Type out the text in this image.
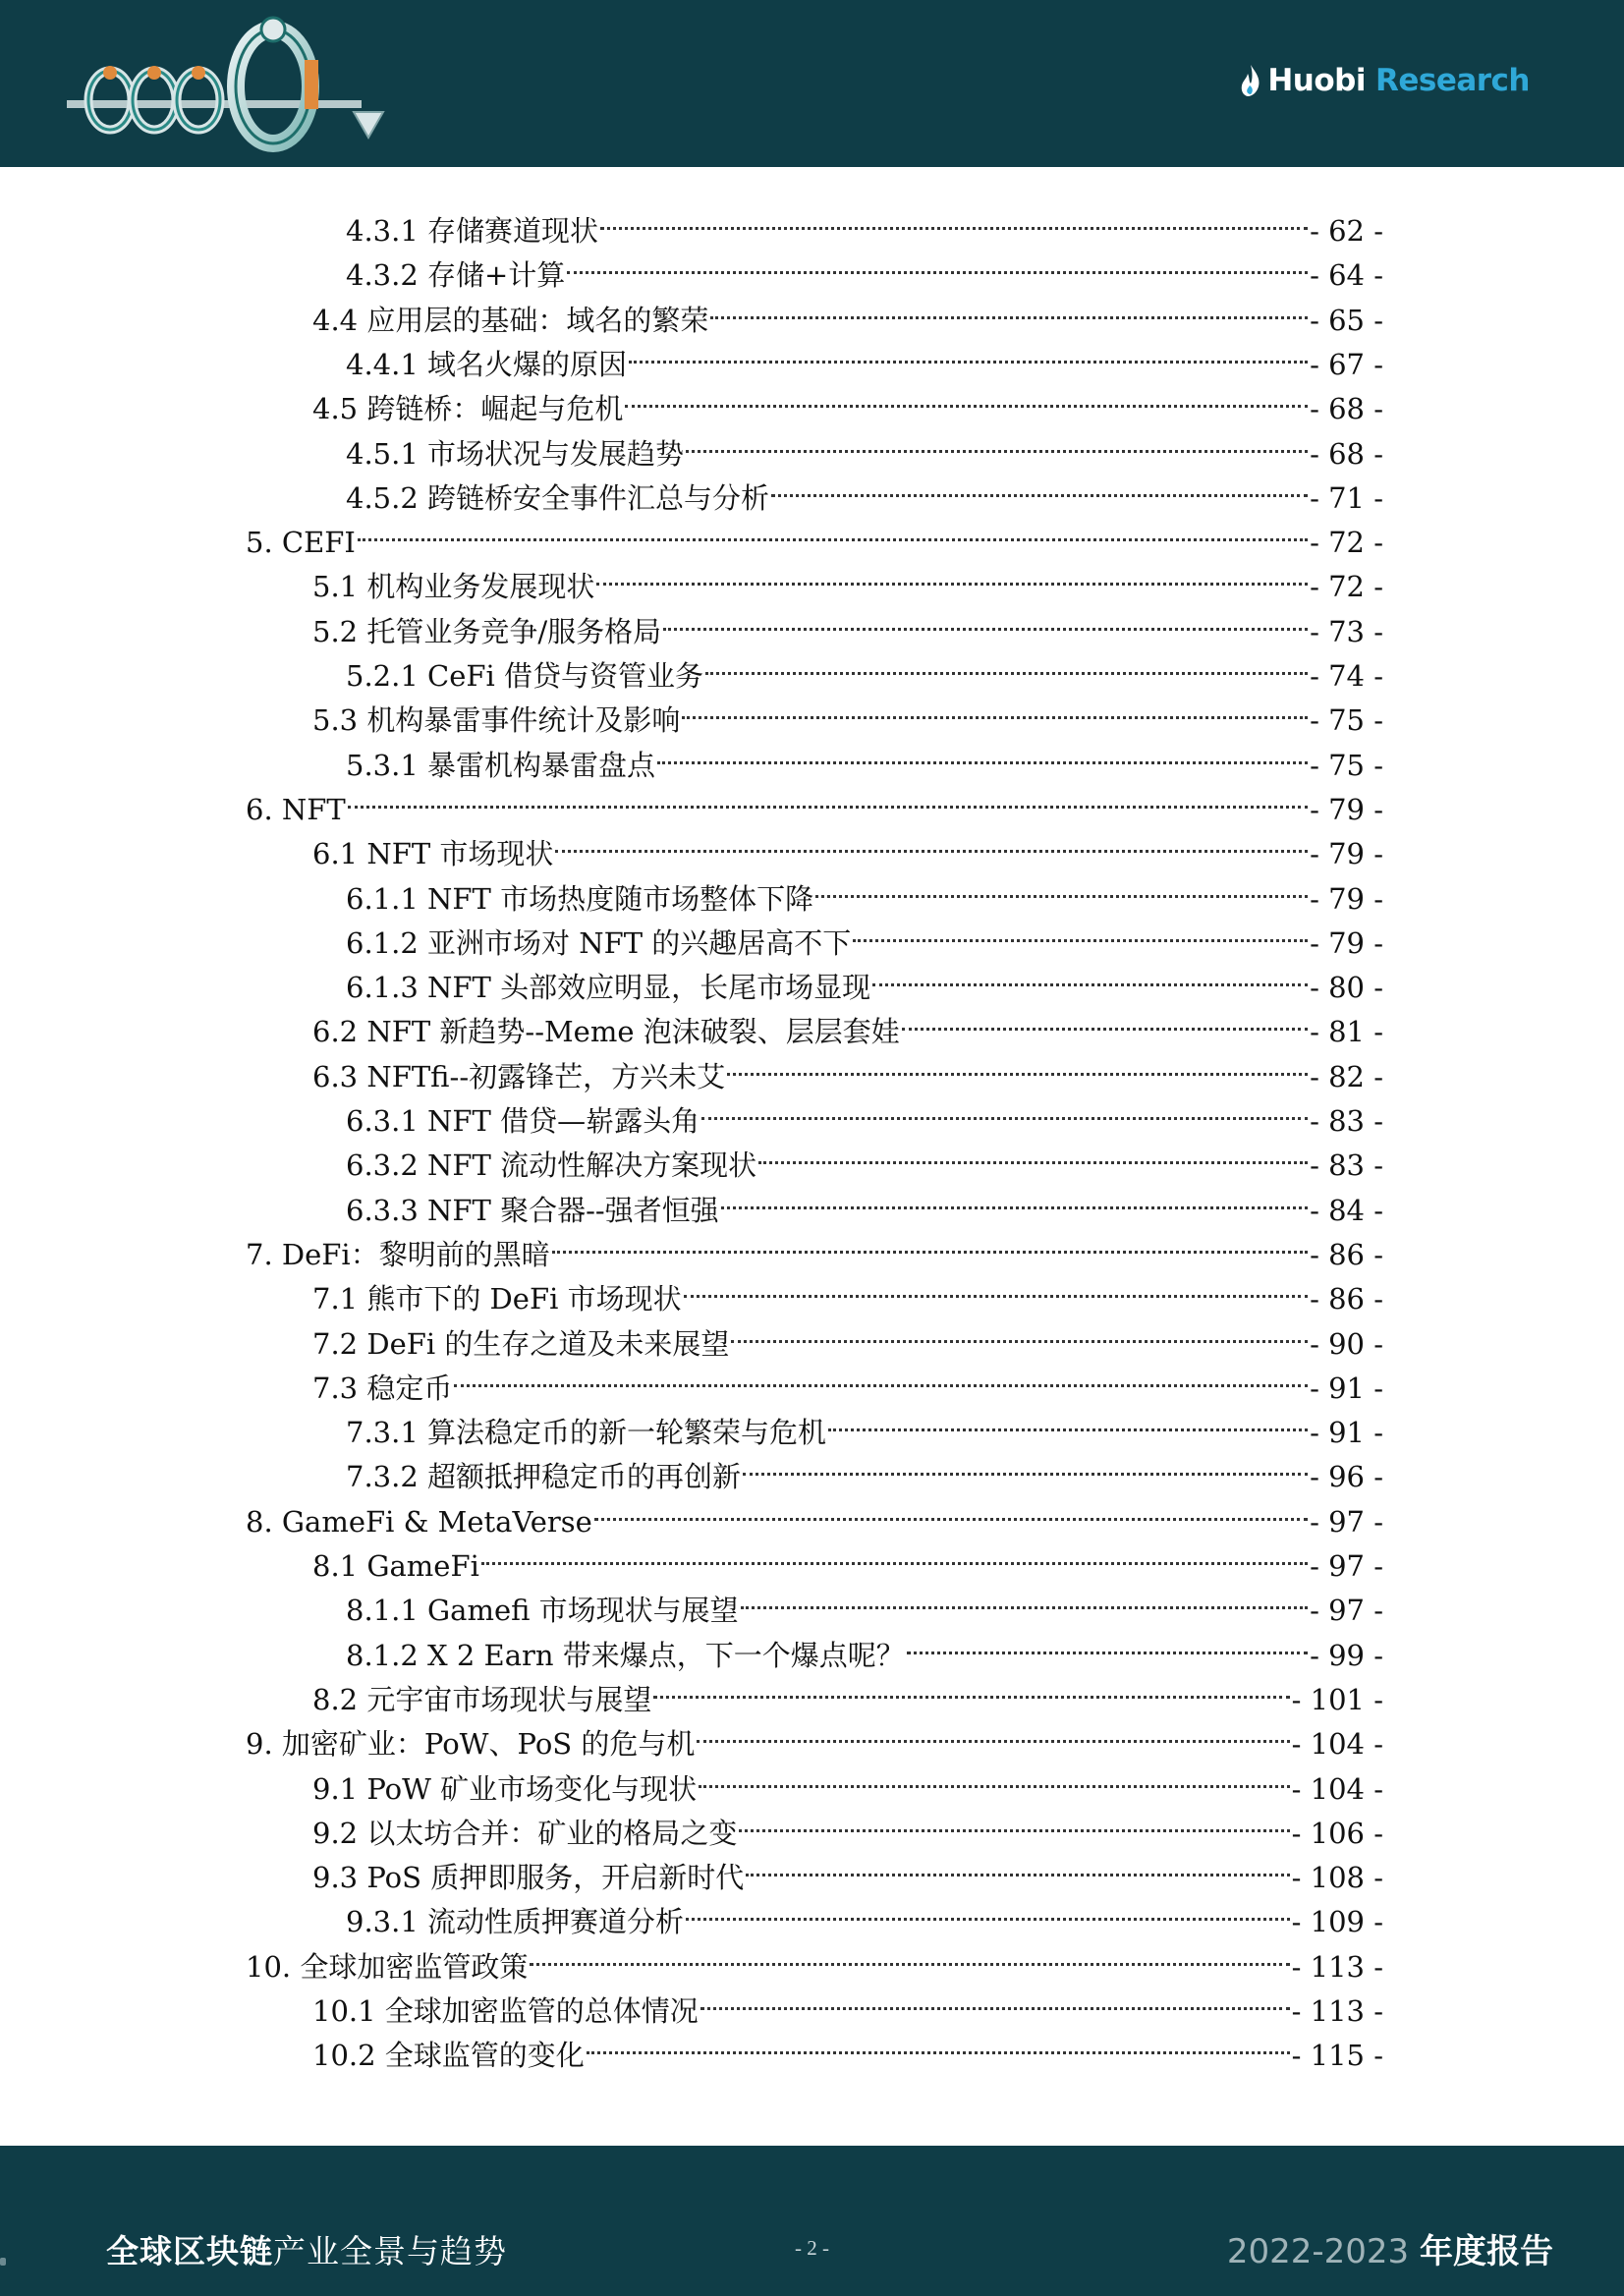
Huobi Research
4.3.1 存储赛道现状	- 62 -
4.3.2 存储+计算	- 64 -
4.4 应用层的基础：域名的繁荣	- 65 -
4.4.1 域名火爆的原因	- 67 -
4.5 跨链桥：崛起与危机	- 68 -
4.5.1 市场状况与发展趋势	- 68 -
4.5.2 跨链桥安全事件汇总与分析	- 71 -
5. CEFI	- 72 -
5.1 机构业务发展现状	- 72 -
5.2 托管业务竞争/服务格局	- 73 -
5.2.1 CeFi 借贷与资管业务	- 74 -
5.3 机构暴雷事件统计及影响	- 75 -
5.3.1 暴雷机构暴雷盘点	- 75 -
6. NFT	- 79 -
6.1 NFT 市场现状	- 79 -
6.1.1 NFT 市场热度随市场整体下降	- 79 -
6.1.2 亚洲市场对 NFT 的兴趣居高不下	- 79 -
6.1.3 NFT 头部效应明显，长尾市场显现	- 80 -
6.2 NFT 新趋势--Meme 泡沫破裂、层层套娃	- 81 -
6.3 NFTfi--初露锋芒，方兴未艾	- 82 -
6.3.1 NFT 借贷—崭露头角	- 83 -
6.3.2 NFT 流动性解决方案现状	- 83 -
6.3.3 NFT 聚合器--强者恒强	- 84 -
7. DeFi：黎明前的黑暗	- 86 -
7.1 熊市下的 DeFi 市场现状	- 86 -
7.2 DeFi 的生存之道及未来展望	- 90 -
7.3 稳定币	- 91 -
7.3.1 算法稳定币的新一轮繁荣与危机	- 91 -
7.3.2 超额抵押稳定币的再创新	- 96 -
8. GameFi & MetaVerse	- 97 -
8.1 GameFi	- 97 -
8.1.1 Gamefi 市场现状与展望	- 97 -
8.1.2 X 2 Earn 带来爆点，下一个爆点呢？	- 99 -
8.2 元宇宙市场现状与展望	- 101 -
9. 加密矿业：PoW、PoS 的危与机	- 104 -
9.1 PoW 矿业市场变化与现状	- 104 -
9.2 以太坊合并：矿业的格局之变	- 106 -
9.3 PoS 质押即服务，开启新时代	- 108 -
9.3.1 流动性质押赛道分析	- 109 -
10. 全球加密监管政策	- 113 -
10.1 全球加密监管的总体情况	- 113 -
10.2 全球监管的变化	- 115 -
全球区块链产业全景与趋势	- 2 -	2022-2023 年度报告
